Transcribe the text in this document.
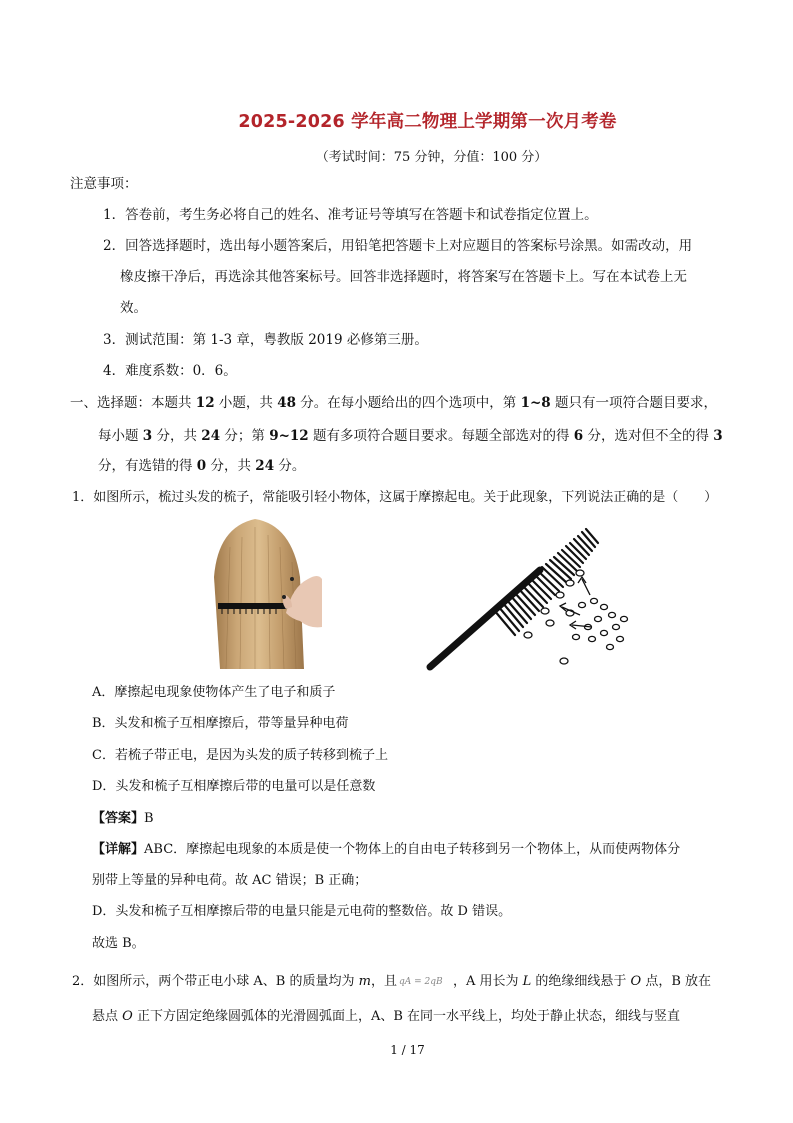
2025-2026 学年高二物理上学期第一次月考卷
（考试时间：75 分钟，分值：100 分）
注意事项：
1．答卷前，考生务必将自己的姓名、准考证号等填写在答题卡和试卷指定位置上。
2．回答选择题时，选出每小题答案后，用铅笔把答题卡上对应题目的答案标号涂黑。如需改动，用
橡皮擦干净后，再选涂其他答案标号。回答非选择题时，将答案写在答题卡上。写在本试卷上无
效。
3．测试范围：第 1-3 章，粤教版 2019 必修第三册。
4．难度系数：0．6。
一、选择题：本题共 12 小题，共 48 分。在每小题给出的四个选项中，第 1~8 题只有一项符合题目要求，
每小题 3 分，共 24 分；第 9~12 题有多项符合题目要求。每题全部选对的得 6 分，选对但不全的得 3
分，有选错的得 0 分，共 24 分。
1．如图所示，梳过头发的梳子，常能吸引轻小物体，这属于摩擦起电。关于此现象，下列说法正确的是（　　）
A．摩擦起电现象使物体产生了电子和质子
B．头发和梳子互相摩擦后，带等量异种电荷
C．若梳子带正电，是因为头发的质子转移到梳子上
D．头发和梳子互相摩擦后带的电量可以是任意数
【答案】B
【详解】ABC．摩擦起电现象的本质是使一个物体上的自由电子转移到另一个物体上，从而使两物体分
别带上等量的异种电荷。故 AC 错误；B 正确；
D．头发和梳子互相摩擦后带的电量只能是元电荷的整数倍。故 D 错误。
故选 B。
2．如图所示，两个带正电小球 A、B 的质量均为 m，且 qA = 2qB ，A 用长为 L 的绝缘细线悬于 O 点，B 放在
悬点 O 正下方固定绝缘圆弧体的光滑圆弧面上，A、B 在同一水平线上，均处于静止状态，细线与竖直
1 / 17
